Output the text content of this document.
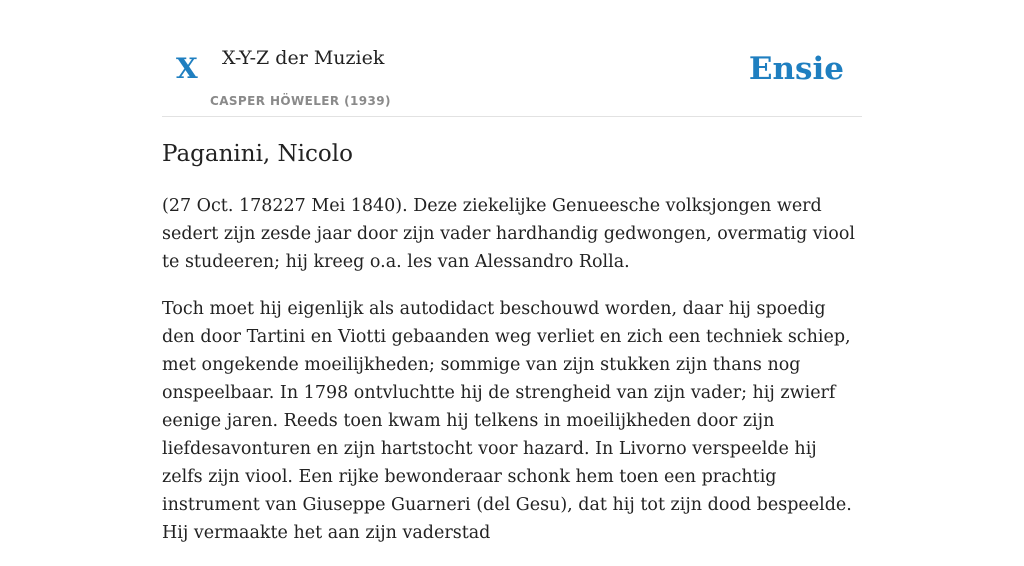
X X-Y-Z der Muziek
CASPER HÖWELER (1939)
Ensie
Paganini, Nicolo

(27 Oct. 178227 Mei 1840). Deze ziekelijke Genueesche volksjongen werd sedert zijn zesde jaar door zijn vader hardhandig gedwongen, overmatig viool te studeeren; hij kreeg o.a. les van Alessandro Rolla.

Toch moet hij eigenlijk als autodidact beschouwd worden, daar hij spoedig den door Tartini en Viotti gebaanden weg verliet en zich een techniek schiep, met ongekende moeilijkheden; sommige van zijn stukken zijn thans nog onspeelbaar. In 1798 ontvluchtte hij de strengheid van zijn vader; hij zwierf eenige jaren. Reeds toen kwam hij telkens in moeilijkheden door zijn liefdesavonturen en zijn hartstocht voor hazard. In Livorno verspeelde hij zelfs zijn viool. Een rijke bewonderaar schonk hem toen een prachtig instrument van Giuseppe Guarneri (del Gesu), dat hij tot zijn dood bespeelde. Hij vermaakte het aan zijn vaderstad
